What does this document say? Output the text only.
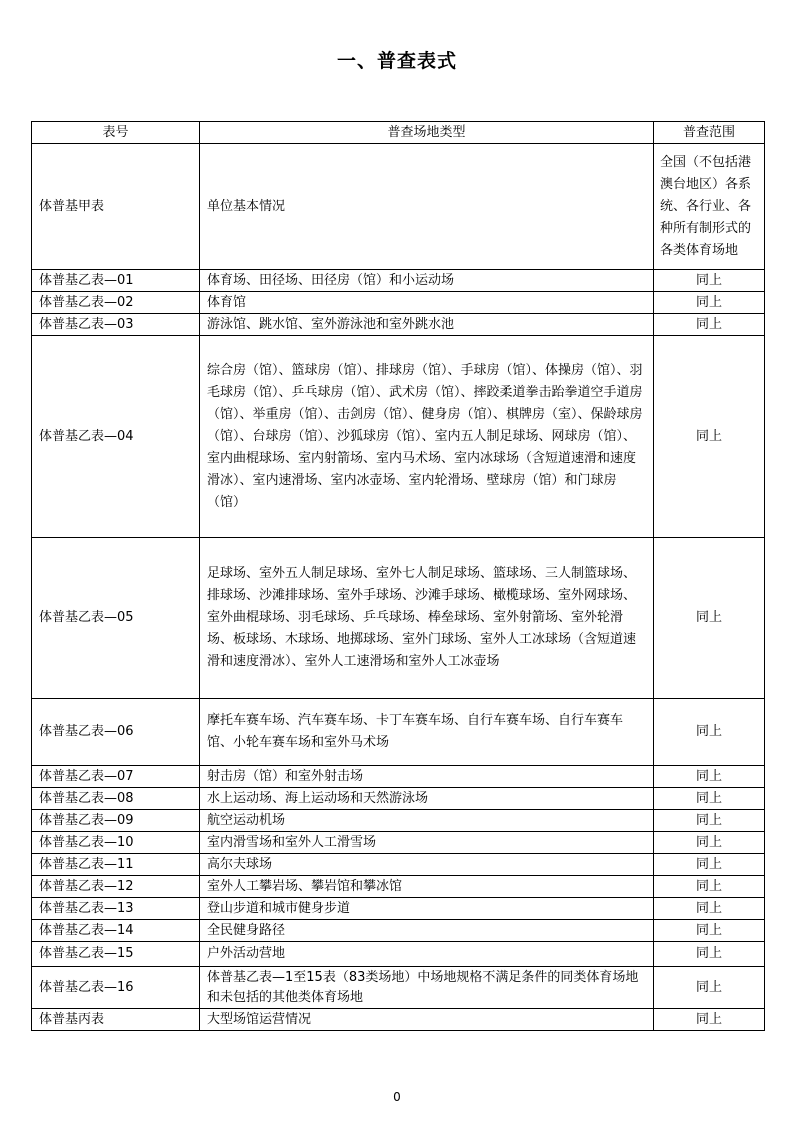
一、普查表式
表号	普查场地类型	普查范围
体普基甲表	单位基本情况	全国（不包括港澳台地区）各系统、各行业、各种所有制形式的各类体育场地
体普基乙表—01	体育场、田径场、田径房（馆）和小运动场	同上
体普基乙表—02	体育馆	同上
体普基乙表—03	游泳馆、跳水馆、室外游泳池和室外跳水池	同上
体普基乙表—04	综合房（馆）、篮球房（馆）、排球房（馆）、手球房（馆）、体操房（馆）、羽毛球房（馆）、乒乓球房（馆）、武术房（馆）、摔跤柔道拳击跆拳道空手道房（馆）、举重房（馆）、击剑房（馆）、健身房（馆）、棋牌房（室）、保龄球房（馆）、台球房（馆）、沙狐球房（馆）、室内五人制足球场、网球房（馆）、室内曲棍球场、室内射箭场、室内马术场、室内冰球场（含短道速滑和速度滑冰）、室内速滑场、室内冰壶场、室内轮滑场、壁球房（馆）和门球房（馆）	同上
体普基乙表—05	足球场、室外五人制足球场、室外七人制足球场、篮球场、三人制篮球场、排球场、沙滩排球场、室外手球场、沙滩手球场、橄榄球场、室外网球场、室外曲棍球场、羽毛球场、乒乓球场、棒垒球场、室外射箭场、室外轮滑场、板球场、木球场、地掷球场、室外门球场、室外人工冰球场（含短道速滑和速度滑冰）、室外人工速滑场和室外人工冰壶场	同上
体普基乙表—06	摩托车赛车场、汽车赛车场、卡丁车赛车场、自行车赛车场、自行车赛车馆、小轮车赛车场和室外马术场	同上
体普基乙表—07	射击房（馆）和室外射击场	同上
体普基乙表—08	水上运动场、海上运动场和天然游泳场	同上
体普基乙表—09	航空运动机场	同上
体普基乙表—10	室内滑雪场和室外人工滑雪场	同上
体普基乙表—11	高尔夫球场	同上
体普基乙表—12	室外人工攀岩场、攀岩馆和攀冰馆	同上
体普基乙表—13	登山步道和城市健身步道	同上
体普基乙表—14	全民健身路径	同上
体普基乙表—15	户外活动营地	同上
体普基乙表—16	体普基乙表—1至15表（83类场地）中场地规格不满足条件的同类体育场地和未包括的其他类体育场地	同上
体普基丙表	大型场馆运营情况	同上
0
